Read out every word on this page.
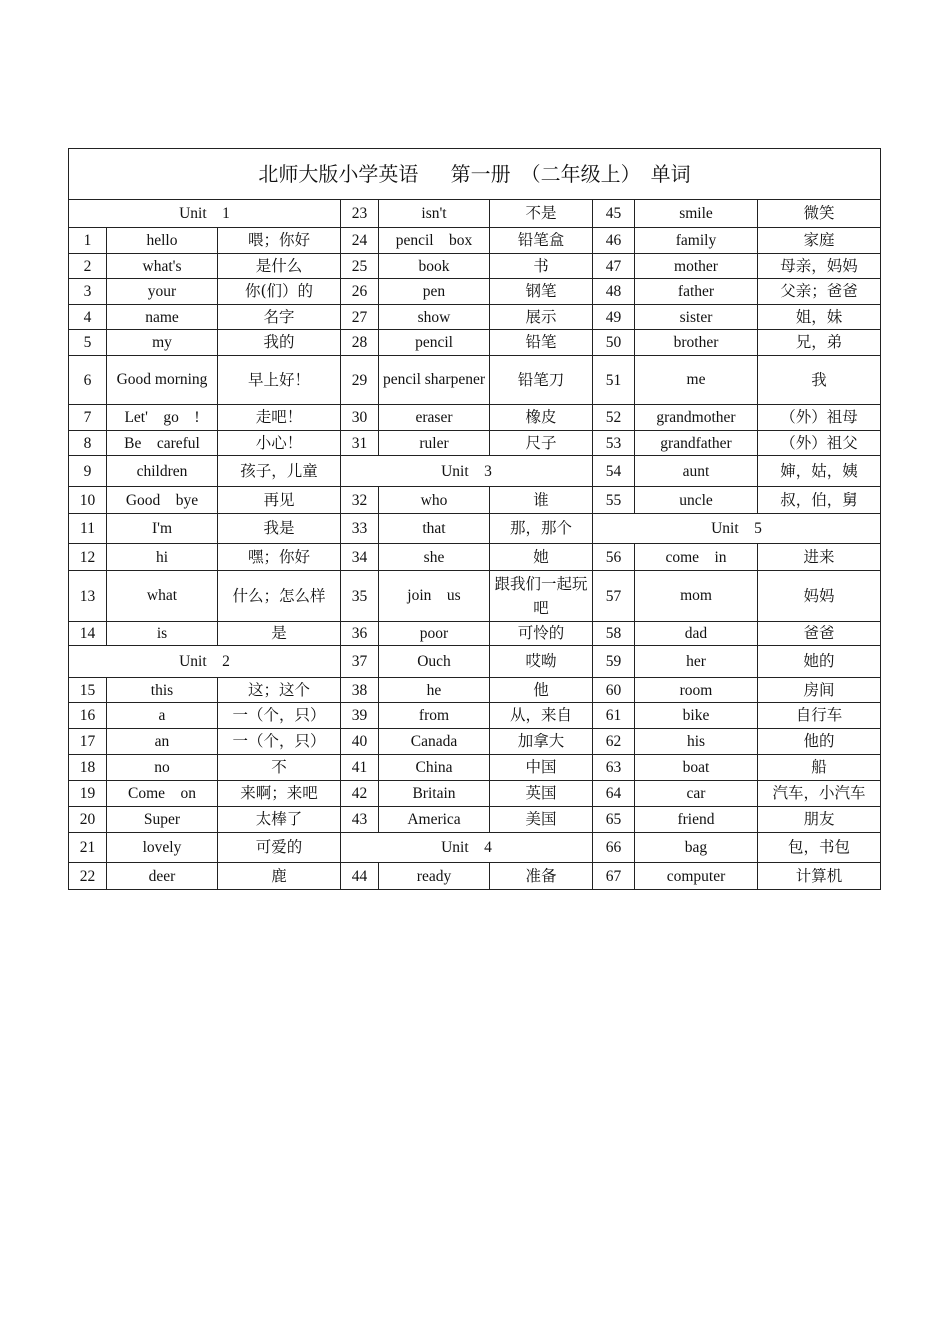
北师大版小学英语　 第一册　（二年级上）　单词								
Unit　1			23	isn't	不是	45	smile	微笑
1	hello	喂；你好	24	pencil　box	铅笔盒	46	family	家庭
2	what's	是什么	25	book	书	47	mother	母亲，妈妈
3	your	你(们）的	26	pen	钢笔	48	father	父亲；爸爸
4	name	名字	27	show	展示	49	sister	姐，妹
5	my	我的	28	pencil	铅笔	50	brother	兄，弟
6	Good morning	早上好！	29	pencil sharpener	铅笔刀	51	me	我
7	Let'　go　!	走吧！	30	eraser	橡皮	52	grandmother	（外）祖母
8	Be　careful	小心！	31	ruler	尺子	53	grandfather	（外）祖父
9	children	孩子，儿童	Unit　3			54	aunt	婶，姑，姨
10	Good　bye	再见	32	who	谁	55	uncle	叔，伯，舅
11	I'm	我是	33	that	那，那个	Unit　5		
12	hi	嘿；你好	34	she	她	56	come　in	进来
13	what	什么；怎么样	35	join　us	跟我们一起玩吧	57	mom	妈妈
14	is	是	36	poor	可怜的	58	dad	爸爸
Unit　2			37	Ouch	哎呦	59	her	她的
15	this	这；这个	38	he	他	60	room	房间
16	a	一（个，只）	39	from	从，来自	61	bike	自行车
17	an	一（个，只）	40	Canada	加拿大	62	his	他的
18	no	不	41	China	中国	63	boat	船
19	Come　on	来啊；来吧	42	Britain	英国	64	car	汽车，小汽车
20	Super	太棒了	43	America	美国	65	friend	朋友
21	lovely	可爱的	Unit　4			66	bag	包，书包
22	deer	鹿	44	ready	准备	67	computer	计算机
